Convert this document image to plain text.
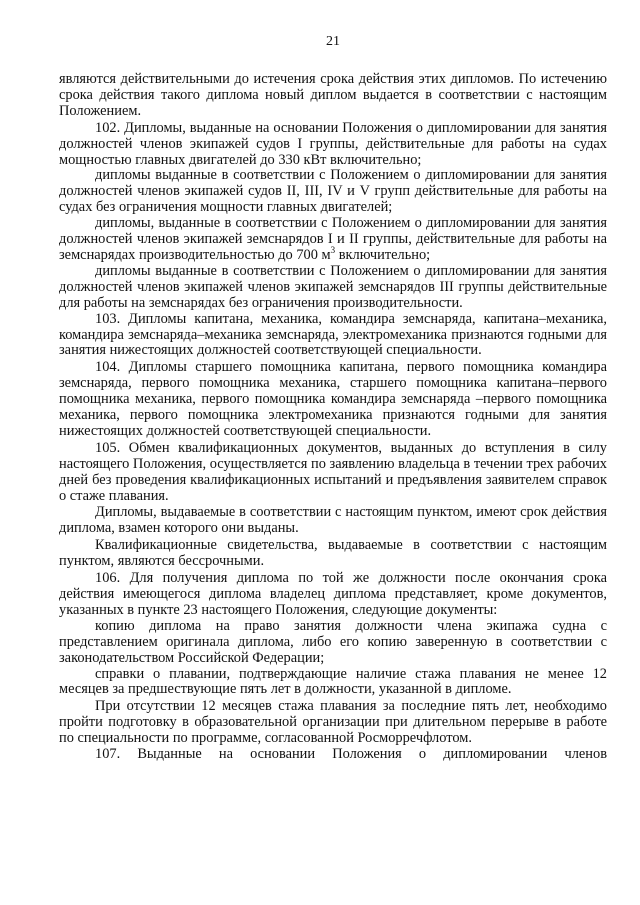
21

являются действительными до истечения срока действия этих дипломов. По истечению срока действия такого диплома новый диплом выдается в соответствии с настоящим Положением.

102. Дипломы, выданные на основании Положения о дипломировании для занятия должностей членов экипажей судов I группы, действительные для работы на судах мощностью главных двигателей до 330 кВт включительно;

дипломы выданные в соответствии с Положением о дипломировании для занятия должностей членов экипажей судов II, III, IV и V групп действительные для работы на судах без ограничения мощности главных двигателей;

дипломы, выданные в соответствии с Положением о дипломировании для занятия должностей членов экипажей земснарядов I и II группы, действительные для работы на земснарядах производительностью до 700 $м^3$ включительно;

дипломы выданные в соответствии с Положением о дипломировании для занятия должностей членов экипажей членов экипажей земснарядов III группы действительные для работы на земснарядах без ограничения производительности.

103. Дипломы капитана, механика, командира земснаряда, капитана–механика, командира земснаряда–механика земснаряда, электромеханика признаются годными для занятия нижестоящих должностей соответствующей специальности.

104. Дипломы старшего помощника капитана, первого помощника командира земснаряда, первого помощника механика, старшего помощника капитана–первого помощника механика, первого помощника командира земснаряда –первого помощника механика, первого помощника электромеханика признаются годными для занятия нижестоящих должностей соответствующей специальности.

105. Обмен квалификационных документов, выданных до вступления в силу настоящего Положения, осуществляется по заявлению владельца в течении трех рабочих дней без проведения квалификационных испытаний и предъявления заявителем справок о стаже плавания.

Дипломы, выдаваемые в соответствии с настоящим пунктом, имеют срок действия диплома, взамен которого они выданы.

Квалификационные свидетельства, выдаваемые в соответствии с настоящим пунктом, являются бессрочными.

106. Для получения диплома по той же должности после окончания срока действия имеющегося диплома владелец диплома представляет, кроме документов, указанных в пункте 23 настоящего Положения, следующие документы:

копию диплома на право занятия должности члена экипажа судна с представлением оригинала диплома, либо его копию заверенную в соответствии с законодательством Российской Федерации;

справки о плавании, подтверждающие наличие стажа плавания не менее 12 месяцев за предшествующие пять лет в должности, указанной в дипломе.

При отсутствии 12 месяцев стажа плавания за последние пять лет, необходимо пройти подготовку в образовательной организации при длительном перерыве в работе по специальности по программе, согласованной Росморречфлотом.

107. Выданные на основании Положения о дипломировании членов
